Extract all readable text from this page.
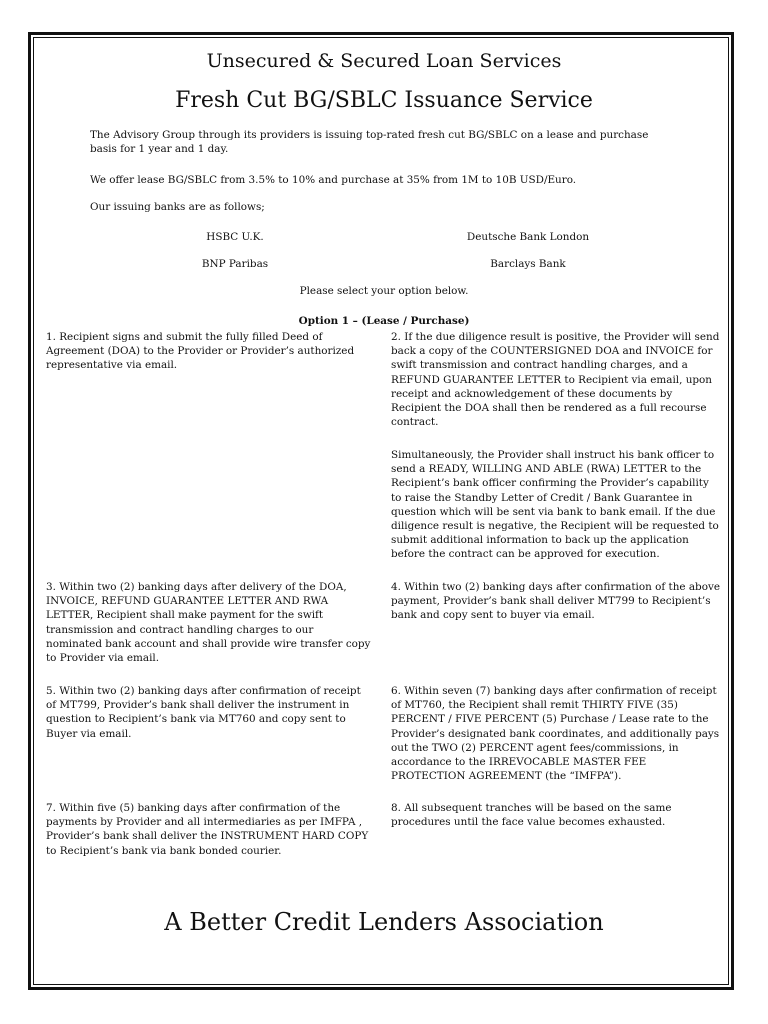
Unsecured & Secured Loan Services
Fresh Cut BG/SBLC Issuance Service
The Advisory Group through its providers is issuing top-rated fresh cut BG/SBLC on a lease and purchase basis for 1 year and 1 day.
We offer lease BG/SBLC from 3.5% to 10% and purchase at 35% from 1M to 10B USD/Euro.
Our issuing banks are as follows;
HSBC U.K.	Deutsche Bank London
BNP Paribas	Barclays Bank
Please select your option below.
Option 1 – (Lease / Purchase)
1. Recipient signs and submit the fully filled Deed of Agreement (DOA) to the Provider or Provider’s authorized representative via email.
2. If the due diligence result is positive, the Provider will send back a copy of the COUNTERSIGNED DOA and INVOICE for swift transmission and contract handling charges, and a REFUND GUARANTEE LETTER to Recipient via email, upon receipt and acknowledgement of these documents by Recipient the DOA shall then be rendered as a full recourse contract.
Simultaneously, the Provider shall instruct his bank officer to send a READY, WILLING AND ABLE (RWA) LETTER to the Recipient’s bank officer confirming the Provider’s capability to raise the Standby Letter of Credit / Bank Guarantee in question which will be sent via bank to bank email. If the due diligence result is negative, the Recipient will be requested to submit additional information to back up the application before the contract can be approved for execution.
3. Within two (2) banking days after delivery of the DOA, INVOICE, REFUND GUARANTEE LETTER AND RWA LETTER, Recipient shall make payment for the swift transmission and contract handling charges to our nominated bank account and shall provide wire transfer copy to Provider via email.
4. Within two (2) banking days after confirmation of the above payment, Provider’s bank shall deliver MT799 to Recipient’s bank and copy sent to buyer via email.
5. Within two (2) banking days after confirmation of receipt of MT799, Provider’s bank shall deliver the instrument in question to Recipient’s bank via MT760 and copy sent to Buyer via email.
6. Within seven (7) banking days after confirmation of receipt of MT760, the Recipient shall remit THIRTY FIVE (35) PERCENT / FIVE PERCENT (5) Purchase / Lease rate to the Provider’s designated bank coordinates, and additionally pays out the TWO (2) PERCENT agent fees/commissions, in accordance to the IRREVOCABLE MASTER FEE PROTECTION AGREEMENT (the “IMFPA”).
7. Within five (5) banking days after confirmation of the payments by Provider and all intermediaries as per IMFPA , Provider’s bank shall deliver the INSTRUMENT HARD COPY to Recipient’s bank via bank bonded courier.
8. All subsequent tranches will be based on the same procedures until the face value becomes exhausted.
A Better Credit Lenders Association
